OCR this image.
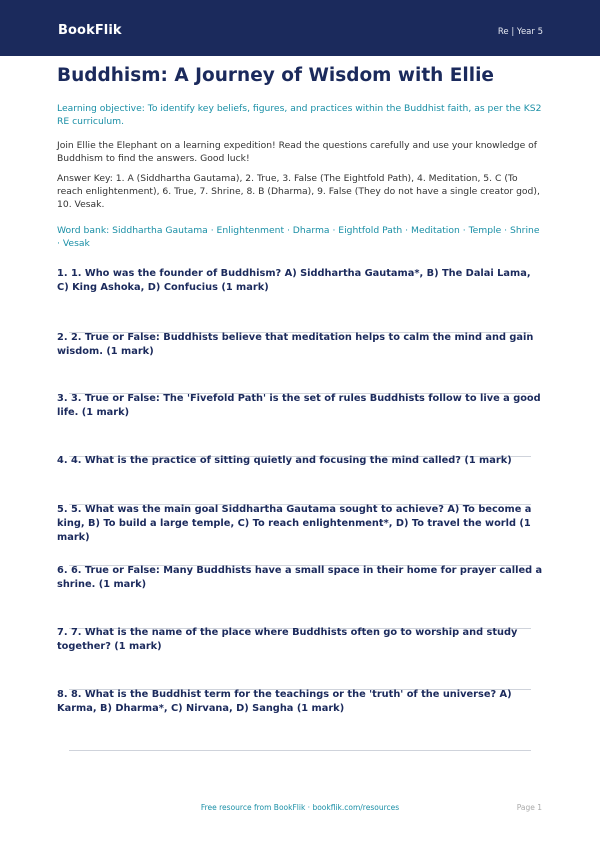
BookFlik	Re | Year 5
Buddhism: A Journey of Wisdom with Ellie
Learning objective: To identify key beliefs, figures, and practices within the Buddhist faith, as per the KS2 RE curriculum.
Join Ellie the Elephant on a learning expedition! Read the questions carefully and use your knowledge of Buddhism to find the answers. Good luck!
Answer Key: 1. A (Siddhartha Gautama), 2. True, 3. False (The Eightfold Path), 4. Meditation, 5. C (To reach enlightenment), 6. True, 7. Shrine, 8. B (Dharma), 9. False (They do not have a single creator god), 10. Vesak.
Word bank: Siddhartha Gautama · Enlightenment · Dharma · Eightfold Path · Meditation · Temple · Shrine · Vesak
1. 1. Who was the founder of Buddhism? A) Siddhartha Gautama*, B) The Dalai Lama, C) King Ashoka, D) Confucius (1 mark)
2. 2. True or False: Buddhists believe that meditation helps to calm the mind and gain wisdom. (1 mark)
3. 3. True or False: The 'Fivefold Path' is the set of rules Buddhists follow to live a good life. (1 mark)
4. 4. What is the practice of sitting quietly and focusing the mind called? (1 mark)
5. 5. What was the main goal Siddhartha Gautama sought to achieve? A) To become a king, B) To build a large temple, C) To reach enlightenment*, D) To travel the world (1 mark)
6. 6. True or False: Many Buddhists have a small space in their home for prayer called a shrine. (1 mark)
7. 7. What is the name of the place where Buddhists often go to worship and study together? (1 mark)
8. 8. What is the Buddhist term for the teachings or the 'truth' of the universe? A) Karma, B) Dharma*, C) Nirvana, D) Sangha (1 mark)
Free resource from BookFlik · bookflik.com/resources	Page 1
